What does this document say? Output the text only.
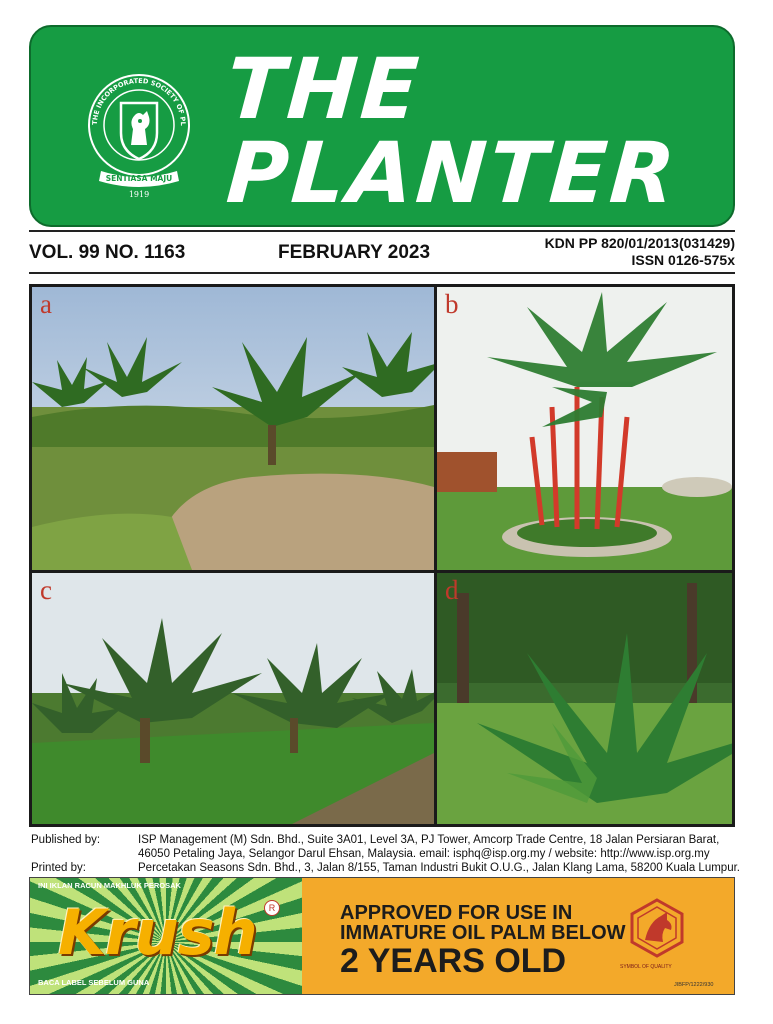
THE INCORPORATED SOCIETY OF PL
SENTIASA MAJU
1919
THE
PLANTER
VOL. 99 NO. 1163	FEBRUARY 2023	KDN PP 820/01/2013(031429)
ISSN 0126-575x
a	b
c	d
Published by:	ISP Management (M) Sdn. Bhd., Suite 3A01, Level 3A, PJ Tower, Amcorp Trade Centre, 18 Jalan Persiaran Barat,
46050 Petaling Jaya, Selangor Darul Ehsan, Malaysia. email: isphq@isp.org.my / website: http://www.isp.org.my
Printed by:	Percetakan Seasons Sdn. Bhd., 3, Jalan 8/155, Taman Industri Bukit O.U.G., Jalan Klang Lama, 58200 Kuala Lumpur.
INI IKLAN RACUN MAKHLUK PEROSAK
Krush	R
BACA LABEL SEBELUM GUNA
APPROVED FOR USE IN
IMMATURE OIL PALM BELOW
2 YEARS OLD	SYMBOL OF QUALITY
JIBFP/1222/930
